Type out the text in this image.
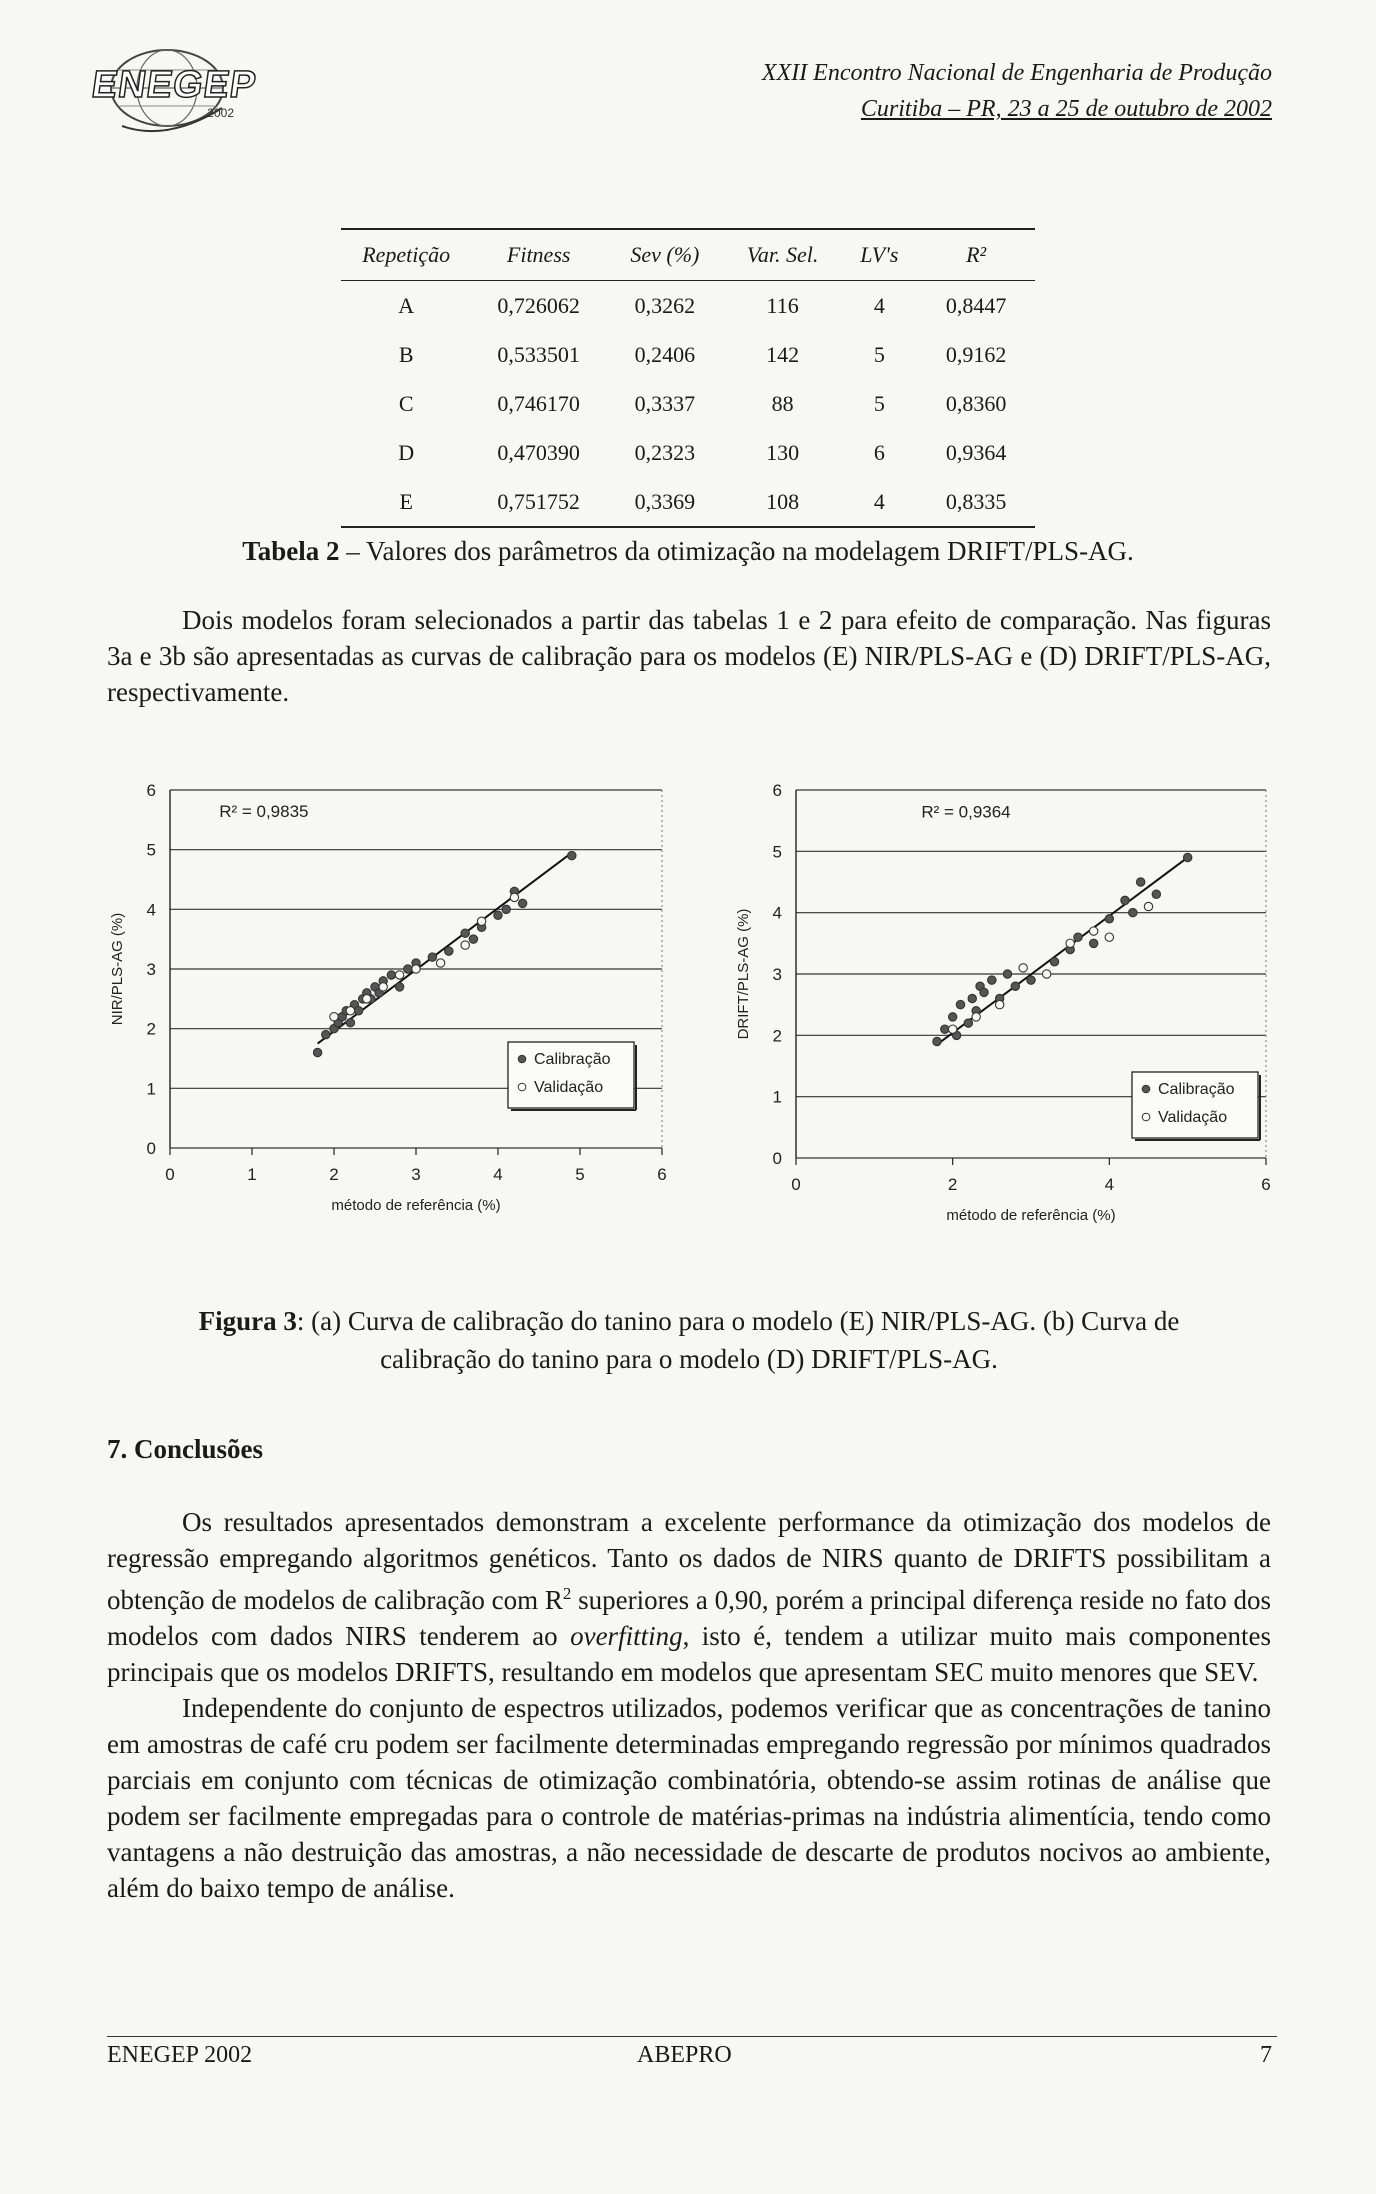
ENEGEP
2002
XXII Encontro Nacional de Engenharia de Produção
Curitiba – PR, 23 a 25 de outubro de 2002
Repetição	Fitness	Sev (%)	Var. Sel.	LV's	R²
A	0,726062	0,3262	116	4	0,8447
B	0,533501	0,2406	142	5	0,9162
C	0,746170	0,3337	88	5	0,8360
D	0,470390	0,2323	130	6	0,9364
E	0,751752	0,3369	108	4	0,8335
Tabela 2 – Valores dos parâmetros da otimização na modelagem DRIFT/PLS-AG.

Dois modelos foram selecionados a partir das tabelas 1 e 2 para efeito de comparação. Nas figuras 3a e 3b são apresentadas as curvas de calibração para os modelos (E) NIR/PLS-AG e (D) DRIFT/PLS-AG, respectivamente.

0
1
2
3
4
5
6
0	1	2	3	4	5	6
método de referência (%)
NIR/PLS-AG (%)
R² = 0,9835
Calibração
Validação
0
1
2
3
4
5
6
0	2	4	6
método de referência (%)
DRIFT/PLS-AG (%)
R² = 0,9364
Calibração
Validação
Figura 3: (a) Curva de calibração do tanino para o modelo (E) NIR/PLS-AG. (b) Curva de
calibração do tanino para o modelo (D) DRIFT/PLS-AG.
7. Conclusões

Os resultados apresentados demonstram a excelente performance da otimização dos modelos de regressão empregando algoritmos genéticos. Tanto os dados de NIRS quanto de DRIFTS possibilitam a obtenção de modelos de calibração com $R^2$ superiores a 0,90, porém a principal diferença reside no fato dos modelos com dados NIRS tenderem ao overfitting, isto é, tendem a utilizar muito mais componentes principais que os modelos DRIFTS, resultando em modelos que apresentam SEC muito menores que SEV.

Independente do conjunto de espectros utilizados, podemos verificar que as concentrações de tanino em amostras de café cru podem ser facilmente determinadas empregando regressão por mínimos quadrados parciais em conjunto com técnicas de otimização combinatória, obtendo-se assim rotinas de análise que podem ser facilmente empregadas para o controle de matérias-primas na indústria alimentícia, tendo como vantagens a não destruição das amostras, a não necessidade de descarte de produtos nocivos ao ambiente, além do baixo tempo de análise.

ENEGEP 2002	ABEPRO	7
